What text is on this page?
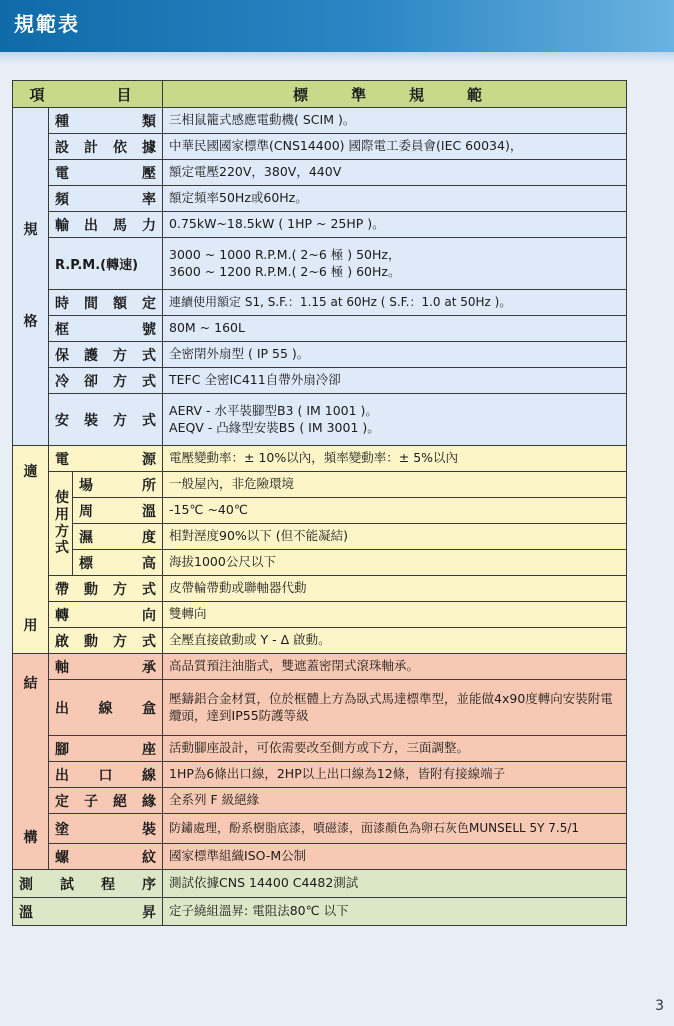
規範表
項　　目			標　準　規　範
規

格	種　　類		三相鼠籠式感應電動機( SCIM )。

	設計依據		中華民國國家標準(CNS14400) 國際電工委員會(IEC 60034)，

	電　　壓		額定電壓220V，380V，440V

	頻　　率		額定頻率50Hz或60Hz。

	輸出馬力		0.75kW~18.5kW ( 1HP ~ 25HP )。
	R.P.M.(轉速)		3000 ~ 1000 R.P.M.( 2~6 極 ) 50Hz，
3600 ~ 1200 R.P.M.( 2~6 極 ) 60Hz。

	時間額定		連續使用額定 S1, S.F.：1.15 at 60Hz ( S.F.：1.0 at 50Hz )。

	框　　號		80M ~ 160L

	保護方式		全密閉外扇型 ( IP 55 )。

	冷卻方式		TEFC 全密IC411自帶外扇冷卻

	安裝方式		AERV - 水平裝腳型B3 ( IM 1001 )。
AEQV - 凸緣型安裝B5 ( IM 3001 )。
適

用	電　　源		電壓變動率：± 10%以內，頻率變動率：± 5%以內
	使
用
方
式	場　所	一般屋內，非危險環境

		周　溫	-15℃ ~40℃

		濕　度	相對溼度90%以下 (但不能凝結)

		標　高	海拔1000公尺以下

	帶動方式		皮帶輪帶動或聯軸器代動

	轉　　向		雙轉向

	啟動方式		全壓直接啟動或 Y - Δ 啟動。
結

構	軸　　承		高品質預注油脂式，雙遮蓋密閉式滾珠軸承。

	出 線 盒		壓鑄鋁合金材質，位於框體上方為臥式馬達標準型，並能做4x90度轉向安裝附電纜頭，達到IP55防護等級

	腳　　座		活動腳座設計，可依需要改至側方或下方，三面調整。

	出 口 線		1HP為6條出口線，2HP以上出口線為12條，皆附有接線端子

	定子絕緣		全系列 F 級絕緣

	塗　　裝		防鏽處理，酚系樹脂底漆，噴磁漆，面漆顏色為卵石灰色MUNSELL 5Y 7.5/1

	螺　　紋		國家標準組織ISO-M公制

測試程序			測試依據CNS 14400 C4482測試

溫　　昇			定子繞組溫昇: 電阻法80℃ 以下
3
